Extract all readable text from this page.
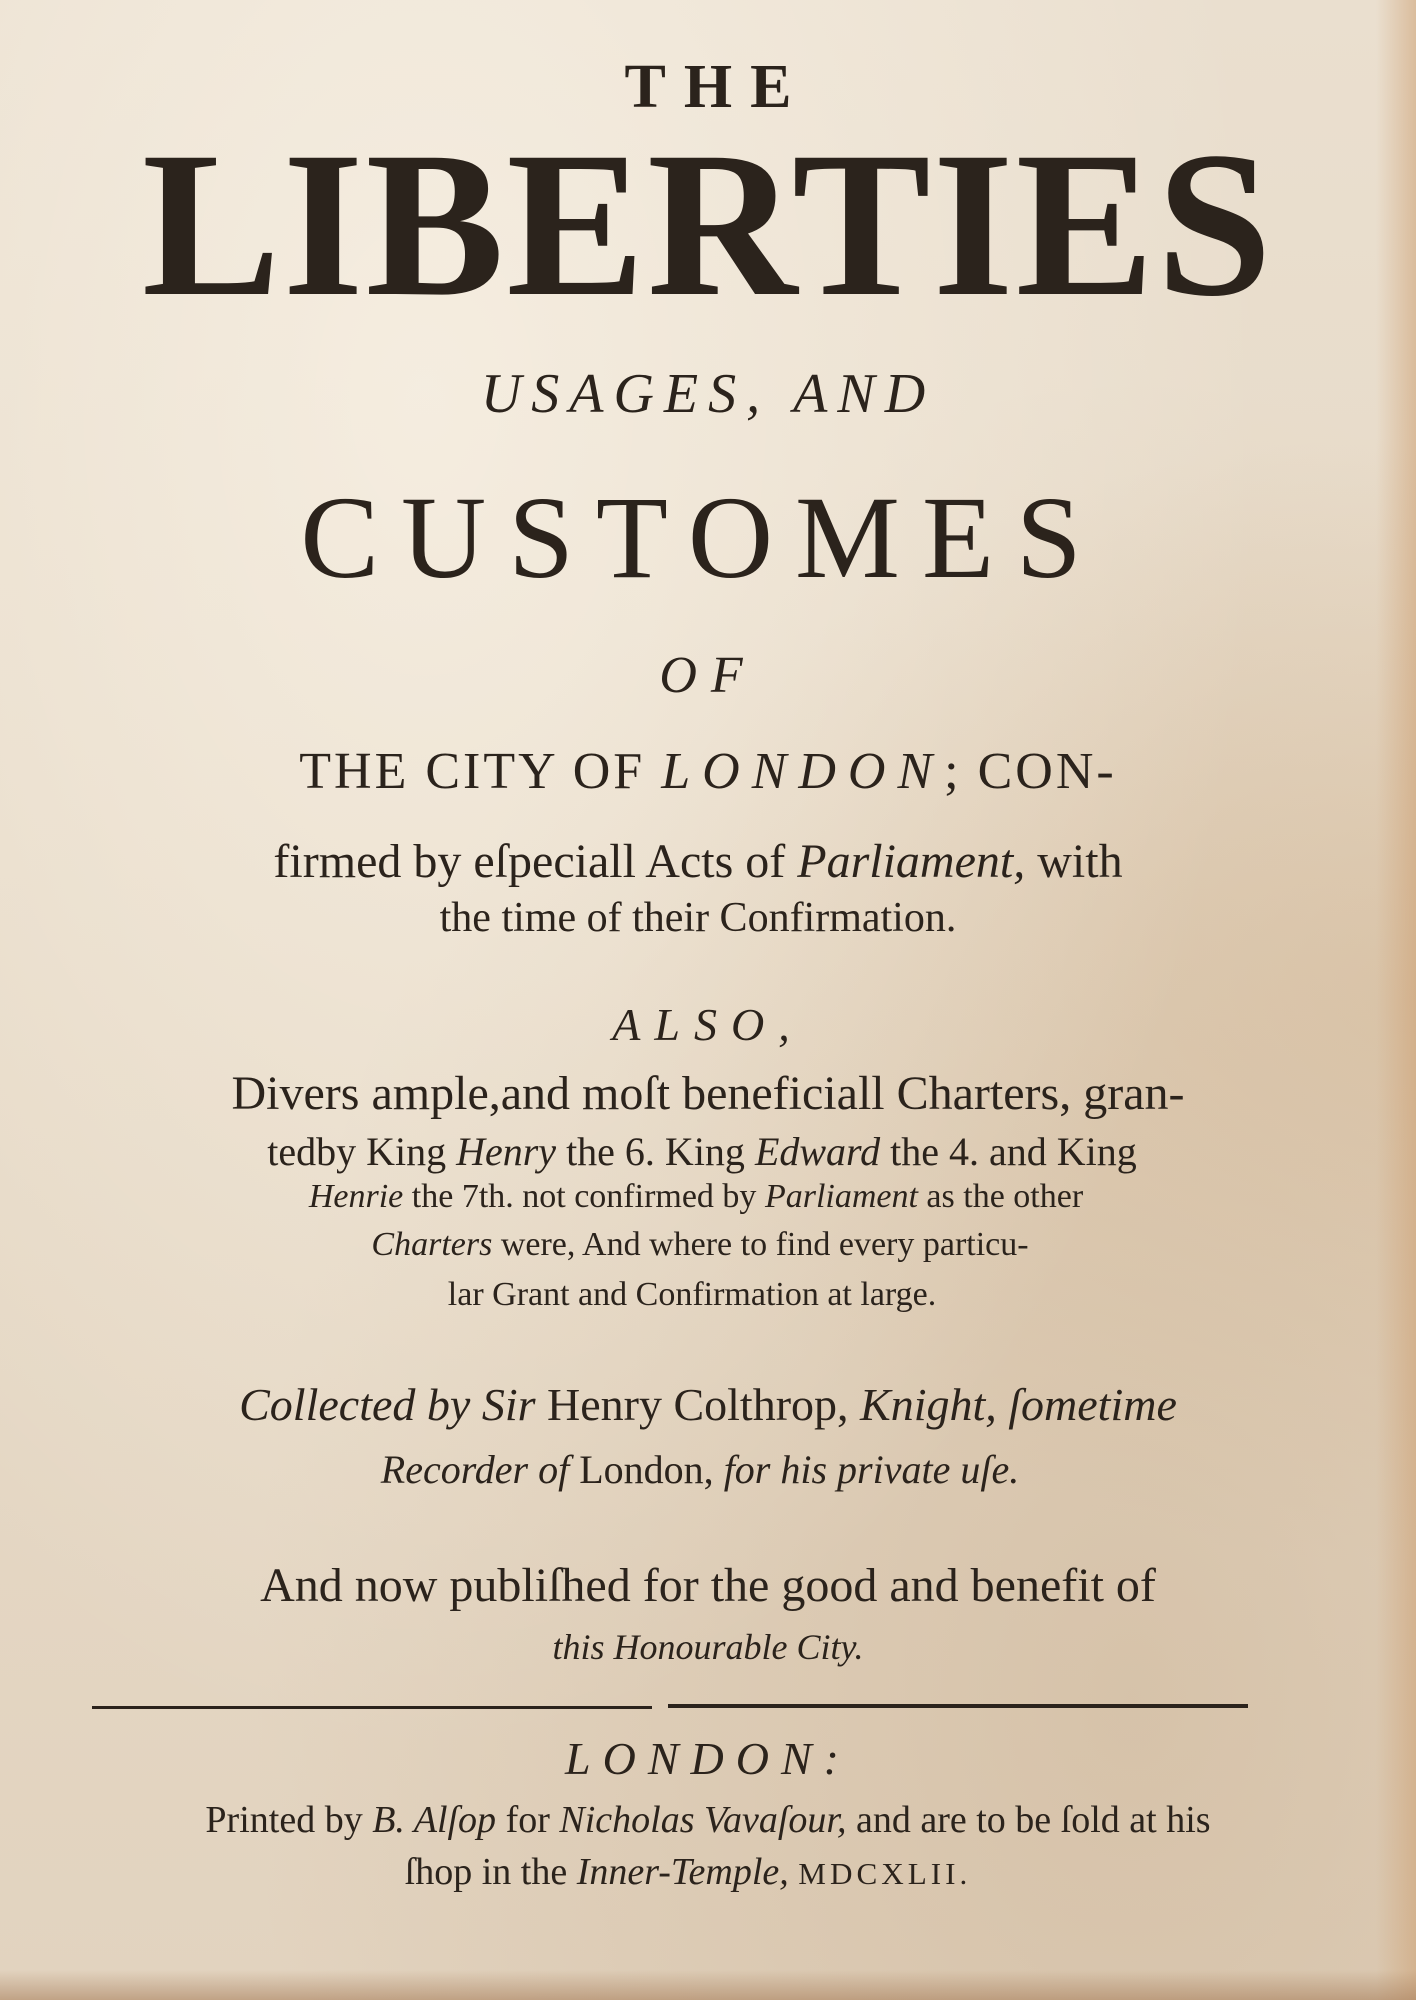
THE
LIBERTIES
USAGES, AND
CUSTOMES
OF
THE CITY OF LONDON; CON-
firmed by eſpeciall Acts of Parliament, with
the time of their Confirmation.
ALSO,
Divers ample,and moſt beneficiall Charters, gran-
tedby King Henry the 6. King Edward the 4. and King
Henrie the 7th. not confirmed by Parliament as the other
Charters were, And where to find every particu-
lar Grant and Confirmation at large.
Collected by Sir Henry Colthrop, Knight, ſometime
Recorder of London, for his private uſe.
And now publiſhed for the good and benefit of
this Honourable City.
LONDON:
Printed by B. Alſop for Nicholas Vavaſour, and are to be ſold at his
ſhop in the Inner-Temple, MDCXLII.
